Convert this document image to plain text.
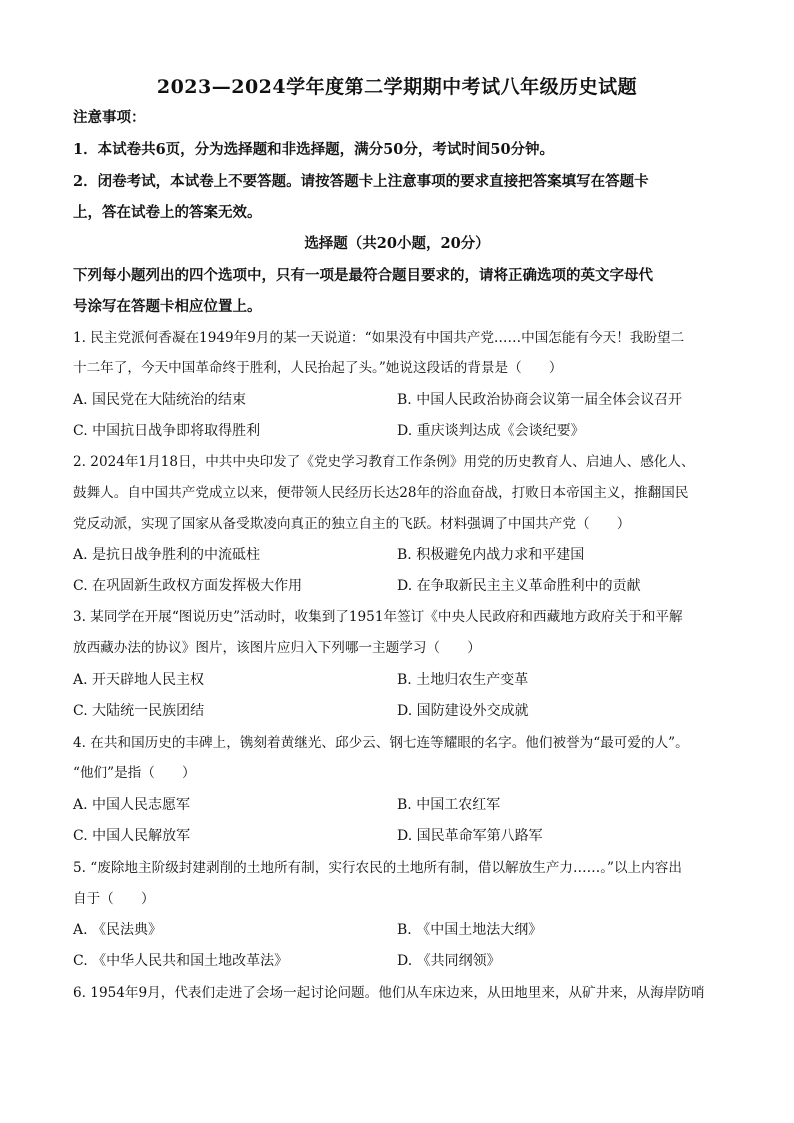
2023—2024学年度第二学期期中考试八年级历史试题
注意事项：
1．本试卷共6页，分为选择题和非选择题，满分50分，考试时间50分钟。
2．闭卷考试，本试卷上不要答题。请按答题卡上注意事项的要求直接把答案填写在答题卡
上，答在试卷上的答案无效。
选择题（共20小题，20分）
下列每小题列出的四个选项中，只有一项是最符合题目要求的，请将正确选项的英文字母代
号涂写在答题卡相应位置上。
1. 民主党派何香凝在1949年9月的某一天说道：“如果没有中国共产党……中国怎能有今天！我盼望二
十二年了，今天中国革命终于胜利，人民抬起了头。”她说这段话的背景是（　　）
A. 国民党在大陆统治的结束	B. 中国人民政治协商会议第一届全体会议召开
C. 中国抗日战争即将取得胜利	D. 重庆谈判达成《会谈纪要》
2. 2024年1月18日，中共中央印发了《党史学习教育工作条例》用党的历史教育人、启迪人、感化人、
鼓舞人。自中国共产党成立以来，便带领人民经历长达28年的浴血奋战，打败日本帝国主义，推翻国民
党反动派，实现了国家从备受欺凌向真正的独立自主的飞跃。材料强调了中国共产党（　　）
A. 是抗日战争胜利的中流砥柱	B. 积极避免内战力求和平建国
C. 在巩固新生政权方面发挥极大作用	D. 在争取新民主主义革命胜利中的贡献
3. 某同学在开展“图说历史”活动时，收集到了1951年签订《中央人民政府和西藏地方政府关于和平解
放西藏办法的协议》图片，该图片应归入下列哪一主题学习（　　）
A. 开天辟地人民主权	B. 土地归农生产变革
C. 大陆统一民族团结	D. 国防建设外交成就
4. 在共和国历史的丰碑上，镌刻着黄继光、邱少云、钢七连等耀眼的名字。他们被誉为“最可爱的人”。
“他们”是指（　　）
A. 中国人民志愿军	B. 中国工农红军
C. 中国人民解放军	D. 国民革命军第八路军
5. “废除地主阶级封建剥削的土地所有制，实行农民的土地所有制，借以解放生产力……。”以上内容出
自于（　　）
A. 《民法典》	B. 《中国土地法大纲》
C. 《中华人民共和国土地改革法》	D. 《共同纲领》
6. 1954年9月，代表们走进了会场一起讨论问题。他们从车床边来，从田地里来，从矿井来，从海岸防哨
